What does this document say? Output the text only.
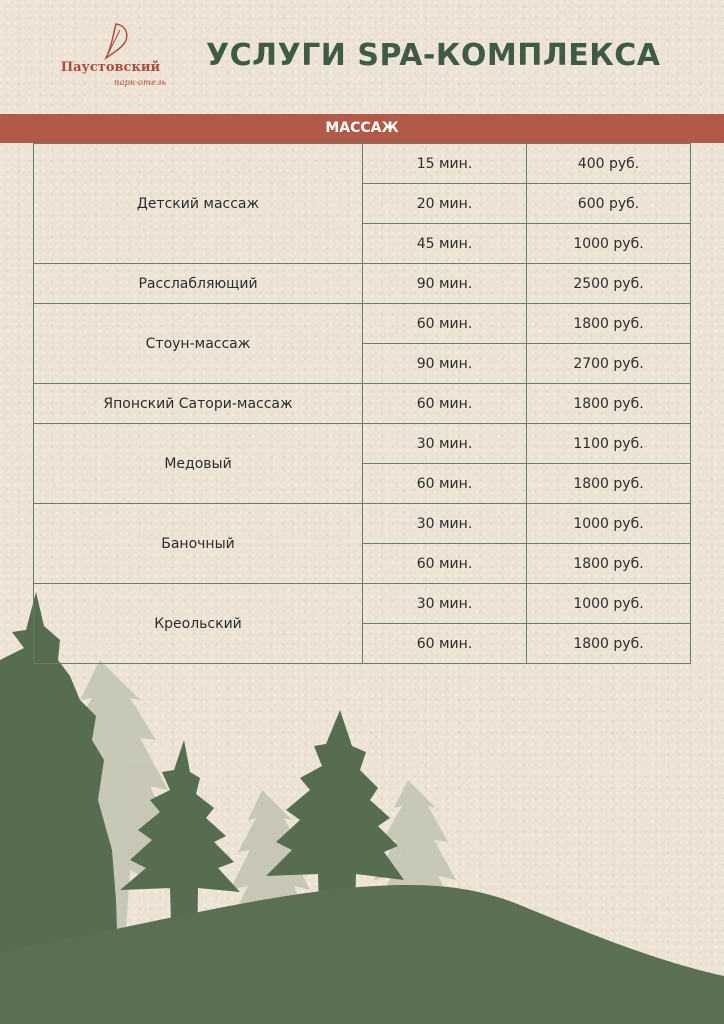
Паустовский
парк-отель
УСЛУГИ SPA-КОМПЛЕКСА
МАССАЖ
Детский массаж	15 мин.	400 руб.
	20 мин.	600 руб.
	45 мин.	1000 руб.
Расслабляющий	90 мин.	2500 руб.
Стоун-массаж	60 мин.	1800 руб.
	90 мин.	2700 руб.
Японский Сатори-массаж	60 мин.	1800 руб.
Медовый	30 мин.	1100 руб.
	60 мин.	1800 руб.
Баночный	30 мин.	1000 руб.
	60 мин.	1800 руб.
Креольский	30 мин.	1000 руб.
	60 мин.	1800 руб.
